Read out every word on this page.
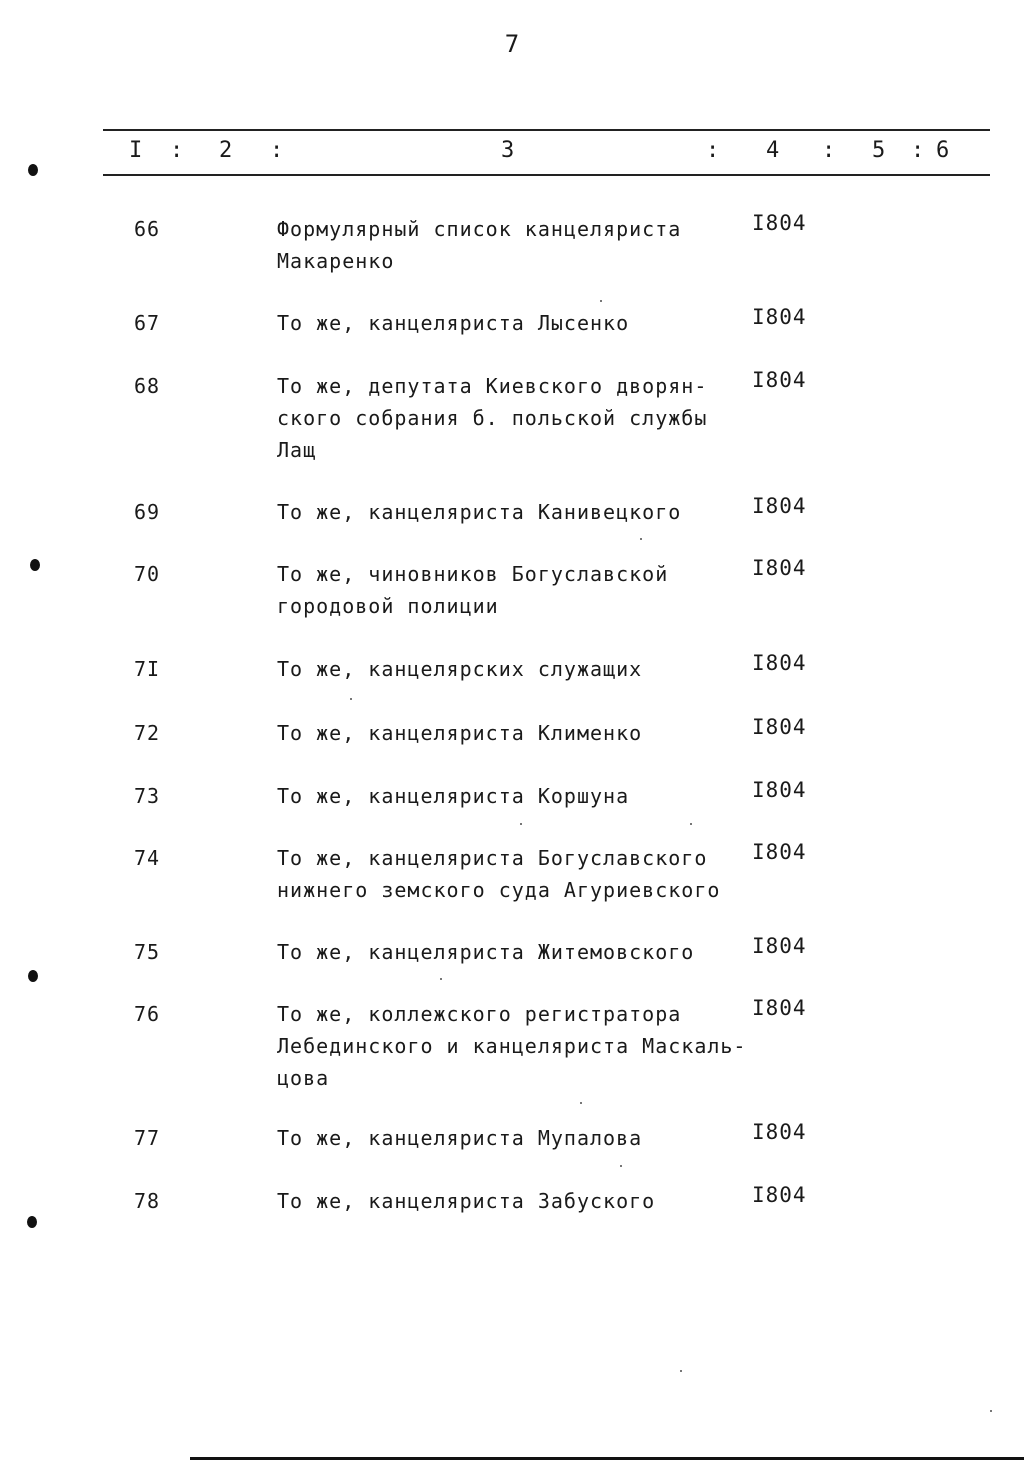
7
I : 2 :	3	: 4 : 5 : 6
66	Формулярный список канцеляриста
Макаренко
I804
67	То же, канцеляриста Лысенко	I804
68	То же, депутата Киевского дворян-
ского собрания б. польской службы
Лащ
I804
69	То же, канцеляриста Канивецкого	I804
70	То же, чиновников Богуславской
городовой полиции
I804
7I	То же, канцелярских служащих	I804
72	То же, канцеляриста Клименко	I804
73	То же, канцеляриста Коршуна	I804
74	То же, канцеляриста Богуславского
нижнего земского суда Агуриевского
I804
75	То же, канцеляриста Житемовского	I804
76	То же, коллежского регистратора
Лебединского и канцеляриста Маскаль-
цова
I804
77	То же, канцеляриста Мупалова	I804
78	То же, канцеляриста Забуского	I804
